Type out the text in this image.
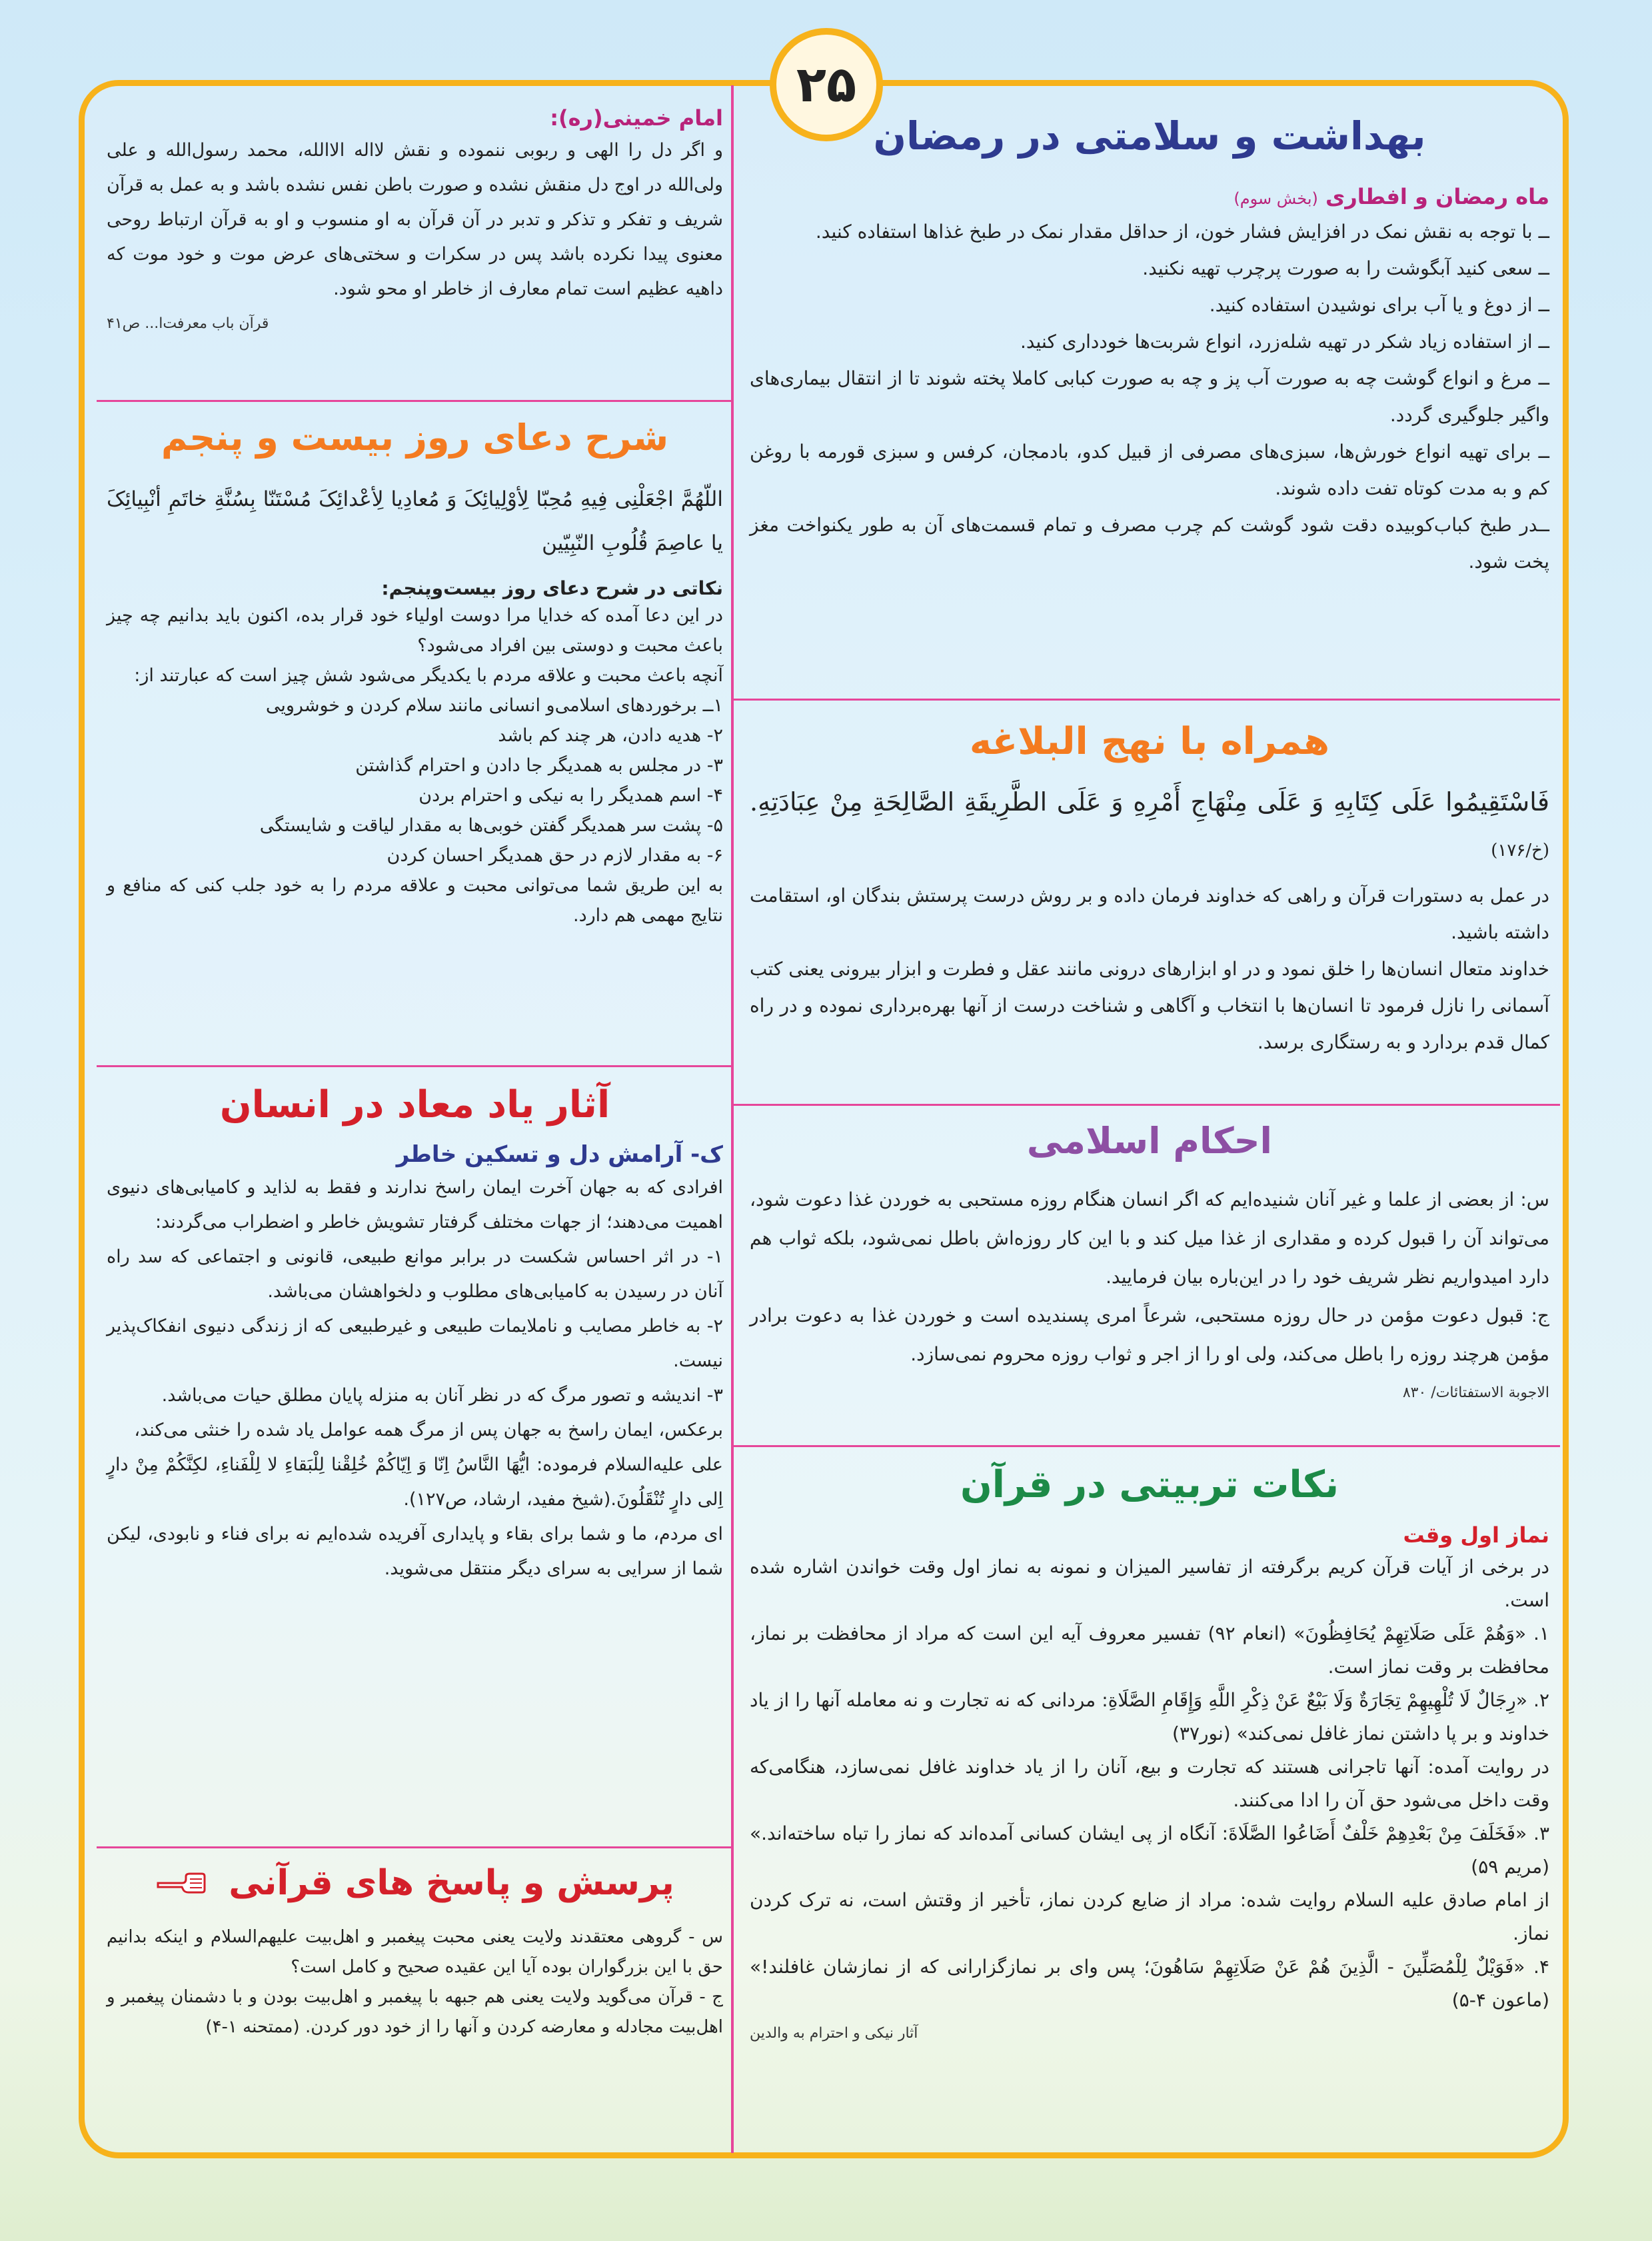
۲۵
بهداشت و سلامتی در رمضان
ماه رمضان و افطاری (بخش سوم)

ــ با توجه به نقش نمک در افزایش فشار خون، از حداقل مقدار نمک در طبخ غذاها استفاده کنید.

ــ سعی کنید آبگوشت را به صورت پرچرب تهیه نکنید.

ــ از دوغ و یا آب برای نوشیدن استفاده کنید.

ــ از استفاده زیاد شکر در تهیه شله‌زرد، انواع شربت‌ها خودداری کنید.

ــ مرغ و انواع گوشت چه به صورت آب پز و چه به صورت کبابی کاملا پخته شوند تا از انتقال بیماری‌های واگیر جلوگیری گردد.

ــ برای تهیه انواع خورش‌ها، سبزی‌های مصرفی از قبیل کدو، بادمجان، کرفس و سبزی قورمه با روغن کم و به مدت کوتاه تفت داده شوند.

ــدر طبخ کباب‌کوبیده دقت شود گوشت کم چرب مصرف و تمام قسمت‌های آن به طور یکنواخت مغز پخت شود.

همراه با نهج البلاغه
فَاسْتَقِيمُوا عَلَى كِتَابِهِ وَ عَلَى مِنْهَاجِ أَمْرِهِ وَ عَلَى الطَّرِيقَةِ الصَّالِحَةِ مِنْ عِبَادَتِهِ. (خ/۱۷۶)

در عمل به دستورات قرآن و راهی که خداوند فرمان داده و بر روش درست پرستش بندگان او، استقامت داشته باشید.

خداوند متعال انسان‌ها را خلق نمود و در او ابزارهای درونی مانند عقل و فطرت و ابزار بیرونی یعنی کتب آسمانی را نازل فرمود تا انسان‌ها با انتخاب و آگاهی و شناخت درست از آنها بهره‌برداری نموده و در راه کمال قدم بردارد و به رستگاری برسد.

احکام اسلامی

س: از بعضی از علما و غیر آنان شنیده‌ایم که اگر انسان هنگام روزه مستحبی به خوردن غذا دعوت شود، می‌تواند آن را قبول کرده و مقداری از غذا میل کند و با این کار روزه‌اش باطل نمی‌شود، بلکه ثواب هم دارد امیدواریم نظر شریف خود را در این‌باره بیان فرمایید.

ج: قبول دعوت مؤمن در حال روزه مستحبی، شرعاً امری پسندیده است و خوردن غذا به دعوت برادر مؤمن هرچند روزه را باطل می‌کند، ولی او را از اجر و ثواب روزه محروم نمی‌سازد.

الاجوبة الاستفتائات/ ۸۳۰
نکات تربیتی در قرآن
نماز اول وقت

در برخی از آیات قرآن کریم برگرفته از تفاسیر المیزان و نمونه به نماز اول وقت خواندن اشاره شده است.

۱. «وَهُمْ عَلَى صَلَاتِهِمْ يُحَافِظُونَ» (انعام ۹۲) تفسیر معروف آیه این است که مراد از محافظت بر نماز، محافظت بر وقت نماز است.

۲. «رِجَالٌ لَا تُلْهِيهِمْ تِجَارَةٌ وَلَا بَيْعٌ عَنْ ذِكْرِ اللَّهِ وَإِقَامِ الصَّلَاةِ: مردانی که نه تجارت و نه معامله آنها را از یاد خداوند و بر پا داشتن نماز غافل نمی‌کند» (نور۳۷)

در روایت آمده: آنها تاجرانی هستند که تجارت و بیع، آنان را از یاد خداوند غافل نمی‌سازد، هنگامی‌که وقت داخل می‌شود حق آن را ادا می‌کنند.

۳. «فَخَلَفَ مِنْ بَعْدِهِمْ خَلْفٌ أَضَاعُوا الصَّلَاةَ: آنگاه از پی ایشان کسانی آمده‌اند که نماز را تباه ساخته‌اند.» (مریم ۵۹)

از امام صادق علیه السلام روایت شده: مراد از ضایع کردن نماز، تأخیر از وقتش است، نه ترک کردن نماز.

۴. «فَوَيْلٌ لِلْمُصَلِّينَ - الَّذِينَ هُمْ عَنْ صَلَاتِهِمْ سَاهُونَ؛ پس وای بر نمازگزارانی که از نمازشان غافلند!» (ماعون ۴-۵)

آثار نیکی و احترام به والدین
امام خمینی(ره):

و اگر دل را الهی و ربوبی ننموده و نقش لااله الاالله، محمد رسول‌الله و علی ولی‌الله در اوج دل منقش نشده و صورت باطن نفس نشده باشد و به عمل به قرآن شریف و تفکر و تذکر و تدبر در آن قرآن به او منسوب و او به قرآن ارتباط روحی معنوی پیدا نکرده باشد پس در سکرات و سختی‌های عرض موت و خود موت که داهیه عظیم است تمام معارف از خاطر او محو شود.

قرآن باب معرفت‌ا... ص۴۱
شرح دعای روز بیست و پنجم
اللّهُمَّ اجْعَلْنِی فِیهِ مُحِبّا لِأوْلِیائِکَ وَ مُعادِیا لِأعْدائِکَ مُسْتَنّا بِسُنَّةِ خاتَمِ أنْبِیائِکَ یا عاصِمَ قُلُوبِ النّبِیّین
نکاتی در شرح دعای روز بیست‌وپنجم:

در این دعا آمده که خدایا مرا دوست اولیاء خود قرار بده، اکنون باید بدانیم چه چیز باعث محبت و دوستی بین افراد می‌شود؟

آنچه باعث محبت و علاقه مردم با یکدیگر می‌شود شش چیز است که عبارتند از:

۱ــ برخوردهای اسلامی‌و انسانی مانند سلام کردن و خوشرویی

۲- هدیه دادن، هر چند کم باشد

۳- در مجلس به همدیگر جا دادن و احترام گذاشتن

۴- اسم همدیگر را به نیکی و احترام بردن

۵- پشت سر همدیگر گفتن خوبی‌ها به مقدار لیاقت و شایستگی

۶- به مقدار لازم در حق همدیگر احسان کردن

به این طریق شما می‌توانی محبت و علاقه مردم را به خود جلب کنی که منافع و نتایج مهمی هم دارد.

آثار یاد معاد در انسان
ک- آرامش دل و تسکین خاطر

افرادی که به جهان آخرت ایمان راسخ ندارند و فقط به لذاید و کامیابی‌های دنیوی اهمیت می‌دهند؛ از جهات مختلف گرفتار تشویش خاطر و اضطراب می‌گردند:

۱- در اثر احساس شکست در برابر موانع طبیعی، قانونی و اجتماعی که سد راه آنان در رسیدن به کامیابی‌های مطلوب و دلخواهشان می‌باشد.

۲- به خاطر مصایب و ناملایمات طبیعی و غیرطبیعی که از زندگی دنیوی انفکاک‌پذیر نیست.

۳- اندیشه و تصور مرگ که در نظر آنان به منزله پایان مطلق حیات می‌باشد.

برعکس، ایمان راسخ به جهان پس از مرگ همه عوامل یاد شده را خنثی می‌کند،

علی علیه‌السلام فرموده: ایُّهَا النَّاسُ اِنّا وَ اِیّاکُمْ خُلِقْنا لِلْبَقاءِ لا لِلْفَناءِ، لکِنَّکُمْ مِنْ دارٍ اِلی دارٍ تُنْقَلُونَ.(شیخ مفید، ارشاد، ص۱۲۷).

ای مردم، ما و شما برای بقاء و پایداری آفریده شده‌ایم نه برای فناء و نابودی، لیکن شما از سرایی به سرای دیگر منتقل می‌شوید.

پرسش و پاسخ های قرآنی

س - گروهی معتقدند ولایت یعنی محبت پیغمبر و اهل‌بیت علیهم‌السلام و اینکه بدانیم حق با این بزرگواران بوده آیا این عقیده صحیح و کامل است؟

ج - قرآن می‌گوید ولایت یعنی هم جبهه با پیغمبر و اهل‌بیت بودن و با دشمنان پیغمبر و اهل‌بیت مجادله و معارضه کردن و آنها را از خود دور کردن. (ممتحنه ۱-۴)
